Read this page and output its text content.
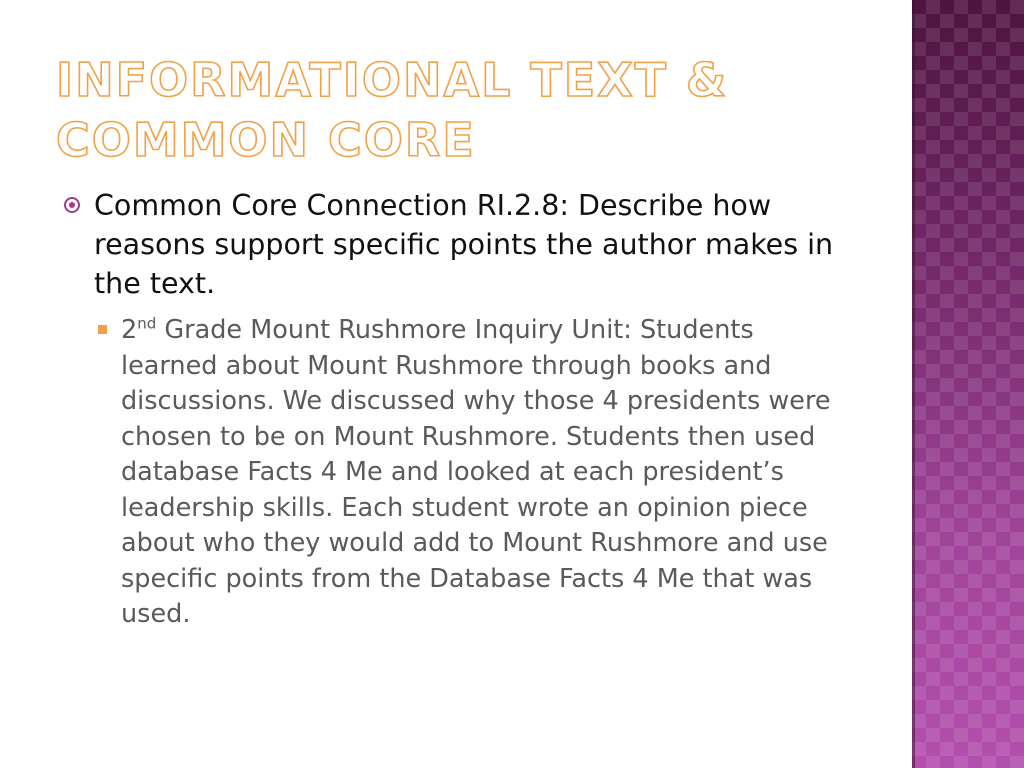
INFORMATIONAL TEXT & COMMON CORE
Common Core Connection RI.2.8: Describe how reasons support specific points the author makes in the text.
2nd Grade Mount Rushmore Inquiry Unit: Students learned about Mount Rushmore through books and discussions. We discussed why those 4 presidents were chosen to be on Mount Rushmore. Students then used database Facts 4 Me and looked at each president’s leadership skills. Each student wrote an opinion piece about who they would add to Mount Rushmore and use specific points from the Database Facts 4 Me that was used.
